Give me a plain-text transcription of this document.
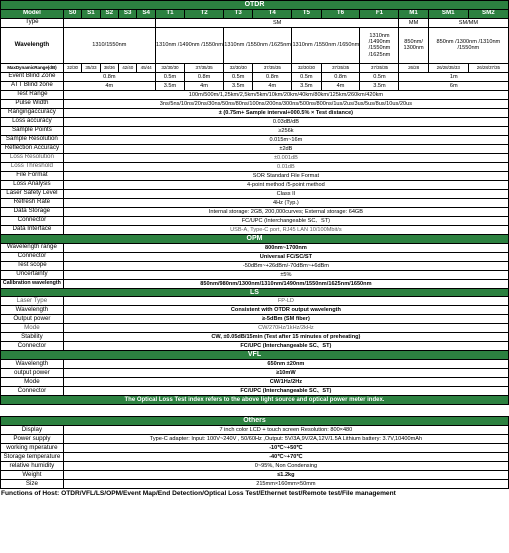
OTDR															
Model	S0	S1	S2	S3	S4	T1	T2	T3	T4	T5	T6	F1	M1	SM1	SM2
Type						SM							MM	SM/MM	
Wavelength	1310/1550nm					1310nm /1490nm /1550nm		1310nm /1550nm /1625nm		1310nm /1550nm /1650nm		1310nm /1490nm /1550nm /1625nm	850nm/ 1300nm	850nm /1300nm /1310nm /1550nm	
MaxDynamicRange(dB)	32/30	35/33	38/36	42/40	45/44	32/30/30	37/35/35	32/30/30	37/35/35	32/30/30	37/35/35	37/35/35	26/28	26/28/35/33	26/28/37/35
Event Blind Zone	0.8m					0.5m	0.8m	0.5m	0.8m	0.5m	0.8m	0.5m	1m		
ATT Blind zone	4m					3.5m	4m	3.5m	4m	3.5m	4m	3.5m	6m		
Test Range	100m/500m/1,25km/2,5km/5km/10km/20km/40km/80km/125km/260km/420km														
Pulse Width	3ns/5ns/10ns/20ns/30ns/50ns/80ns/100ns/200ns/300ns/500ns/800ns/1us/2us/3us/5us/8us/10us/20us														
Rangingaccuracy	± (0.75m+ Sample interval+000.5% × Test distance)														
Loss accuracy	0.03dB/dB														
Sample Points	≥256k														
Sample Resolution	0.015m~16m														
Reflection Accuracy	±2dB														
Loss Resolution	±0.001dB														
Loss Threshold	0.01dB														
File Format	SOR Standard File Format														
Loss Analysis	4-point method /5-point method														
Laser Safety Level	Class II														
Refresh Rate	4Hz (Typ.)														
Data Storage	Internal storage: 2GB, 200,000curves; External storage: 64GB														
Connector	FC/UPC (Interchangeable SC、ST)														
Data Interface	USB-A, Type-C port, RJ45 LAN 10/100Mbit/s														
OPM															
Wavelength range	800nm~1700nm														
Connector	Universal FC/SC/ST														
Test scope	-50dBm~+26dBm/-70dBm~+6dBm														
Uncertainty	±5%														
Calibration wavelength	850nm/980nm/1300nm/1310nm/1490nm/1550nm/1625nm/1650nm														
LS															
Laser Type	FP-LD														
Wavelength	Consistent with OTDR output wavelength														
Output power	≥-5dBm (SM fiber)														
Mode	CW/270Hz/1kHz/2kHz														
Stability	CW, ±0.05dB/15min (Test after 15 minutes of preheating)														
Connector	FC/UPC (Interchangeable SC、ST)														
VFL															
Wavelength	650nm ±20nm														
output power	≥10mW														
Mode	CW/1Hz/2Hz														
Connector	FC/UPC (Interchangeable SC、ST)														
The Optical Loss Test index refers to the above light source and optical power meter index.															

Others															
Display	7 inch color LCD + touch screen Resolution: 800×480														
Power supply	Type-C adapter: Input: 100V~240V , 50/60Hz ,Output: 5V/3A,9V/2A,12V/1.5A Lithium battery: 3.7V,10400mAh														
working mperature	-10℃~+50℃														
Storage temperature	-40℃~+70℃														
relative humidity	0~95%, Non Condensing														
Weight	≤1.2kg														
Size	215mm×160mm×50mm														
Functions of Host: OTDR/VFL/LS/OPM/Event Map/End Detection/Optical Loss Test/Ethernet test/Remote test/File management
